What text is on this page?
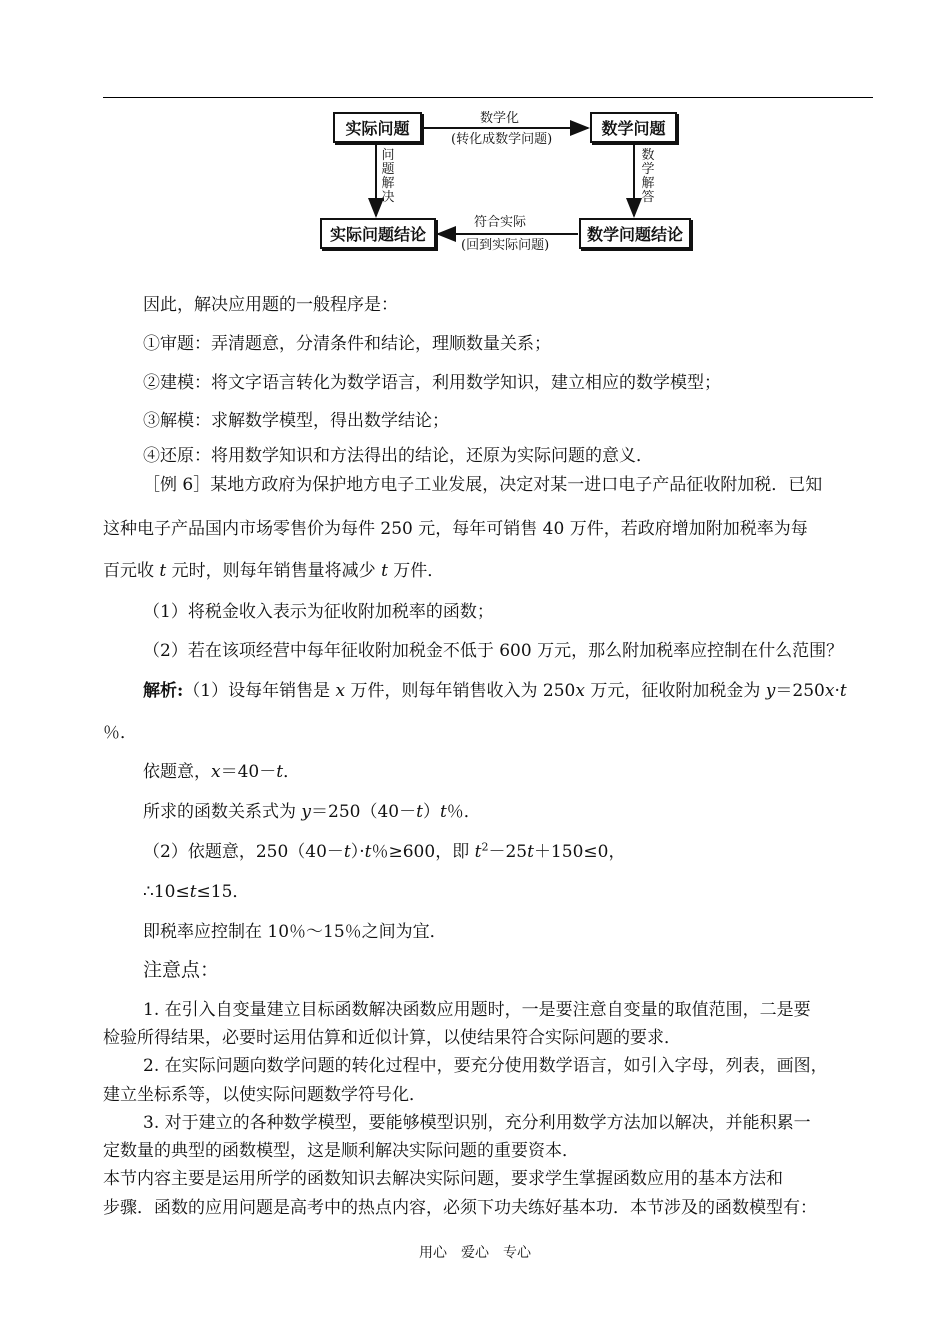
实际问题	数学问题
实际问题结论	数学问题结论
数学化
(转化成数学问题)
符合实际
(回到实际问题)
问
题
解
决
数
学
解
答
因此，解决应用题的一般程序是：
①审题：弄清题意，分清条件和结论，理顺数量关系；
②建模：将文字语言转化为数学语言，利用数学知识，建立相应的数学模型；
③解模：求解数学模型，得出数学结论；
④还原：将用数学知识和方法得出的结论，还原为实际问题的意义．
［例 6］某地方政府为保护地方电子工业发展，决定对某一进口电子产品征收附加税．已知
这种电子产品国内市场零售价为每件 250 元，每年可销售 40 万件，若政府增加附加税率为每
百元收 t 元时，则每年销售量将减少 t 万件．
（1）将税金收入表示为征收附加税率的函数；
（2）若在该项经营中每年征收附加税金不低于 600 万元，那么附加税率应控制在什么范围？
解析:（1）设每年销售是 x 万件，则每年销售收入为 250x 万元，征收附加税金为 y＝250x·t
％．
依题意，x＝40－t．
所求的函数关系式为 y＝250（40－t）t％．
（2）依题意，250（40－t）·t％≥600，即 $t^2-25t+150\le 0$，
∴10≤t≤15．
即税率应控制在 10％～15％之间为宜．
注意点：
1. 在引入自变量建立目标函数解决函数应用题时，一是要注意自变量的取值范围，二是要
检验所得结果，必要时运用估算和近似计算，以使结果符合实际问题的要求．
2. 在实际问题向数学问题的转化过程中，要充分使用数学语言，如引入字母，列表，画图，
建立坐标系等，以使实际问题数学符号化．
3. 对于建立的各种数学模型，要能够模型识别，充分利用数学方法加以解决，并能积累一
定数量的典型的函数模型，这是顺利解决实际问题的重要资本．
本节内容主要是运用所学的函数知识去解决实际问题，要求学生掌握函数应用的基本方法和
步骤．函数的应用问题是高考中的热点内容，必须下功夫练好基本功．本节涉及的函数模型有：
用心　爱心　专心
